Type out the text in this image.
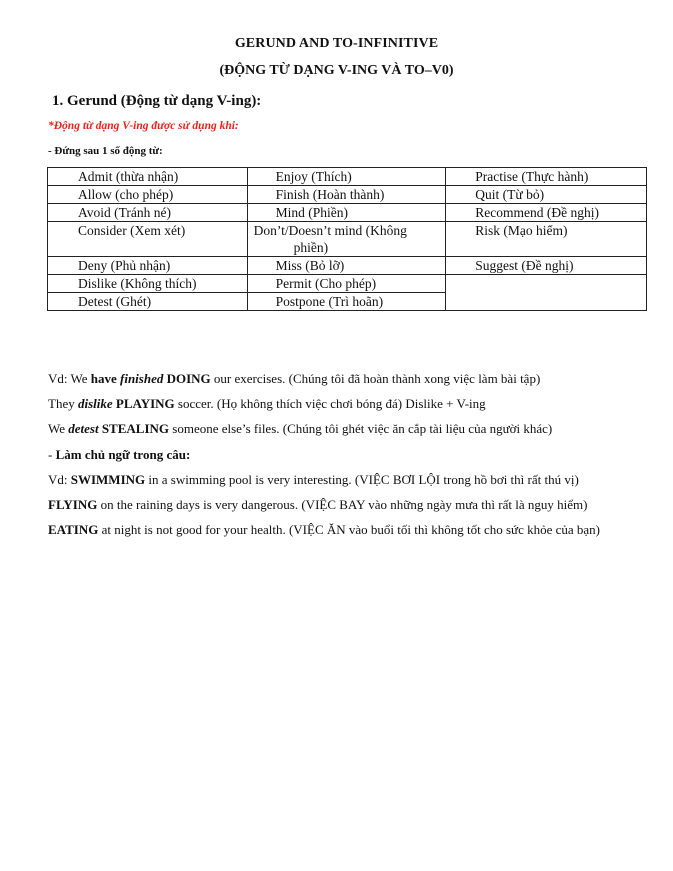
GERUND AND TO-INFINITIVE
(ĐỘNG TỪ DẠNG V-ING VÀ TO–V0)
1. Gerund (Động từ dạng V-ing):
*Động từ dạng V-ing được sử dụng khi:
- Đứng sau 1 số động từ:
Admit (thừa nhận)	Enjoy (Thích)	Practise (Thực hành)
Allow (cho phép)	Finish (Hoàn thành)	Quit (Từ bỏ)
Avoid (Tránh né)	Mind (Phiền)	Recommend (Đề nghị)
Consider (Xem xét)	Don’t/Doesn’t mind (Không
phiền)	Risk (Mạo hiểm)
Deny (Phủ nhận)	Miss (Bỏ lỡ)	Suggest (Đề nghị)
Dislike (Không thích)	Permit (Cho phép)	
Detest (Ghét)	Postpone (Trì hoãn)	
Vd: We have finished DOING our exercises. (Chúng tôi đã hoàn thành xong việc làm bài tập)
They dislike PLAYING soccer. (Họ không thích việc chơi bóng đá) Dislike + V-ing
We detest STEALING someone else’s files. (Chúng tôi ghét việc ăn cắp tài liệu của người khác)
- Làm chủ ngữ trong câu:
Vd: SWIMMING in a swimming pool is very interesting. (VIỆC BƠI LỘI trong hồ bơi thì rất thú vị)
FLYING on the raining days is very dangerous. (VIỆC BAY vào những ngày mưa thì rất là nguy hiểm)
EATING at night is not good for your health. (VIỆC ĂN vào buổi tối thì không tốt cho sức khỏe của bạn)
